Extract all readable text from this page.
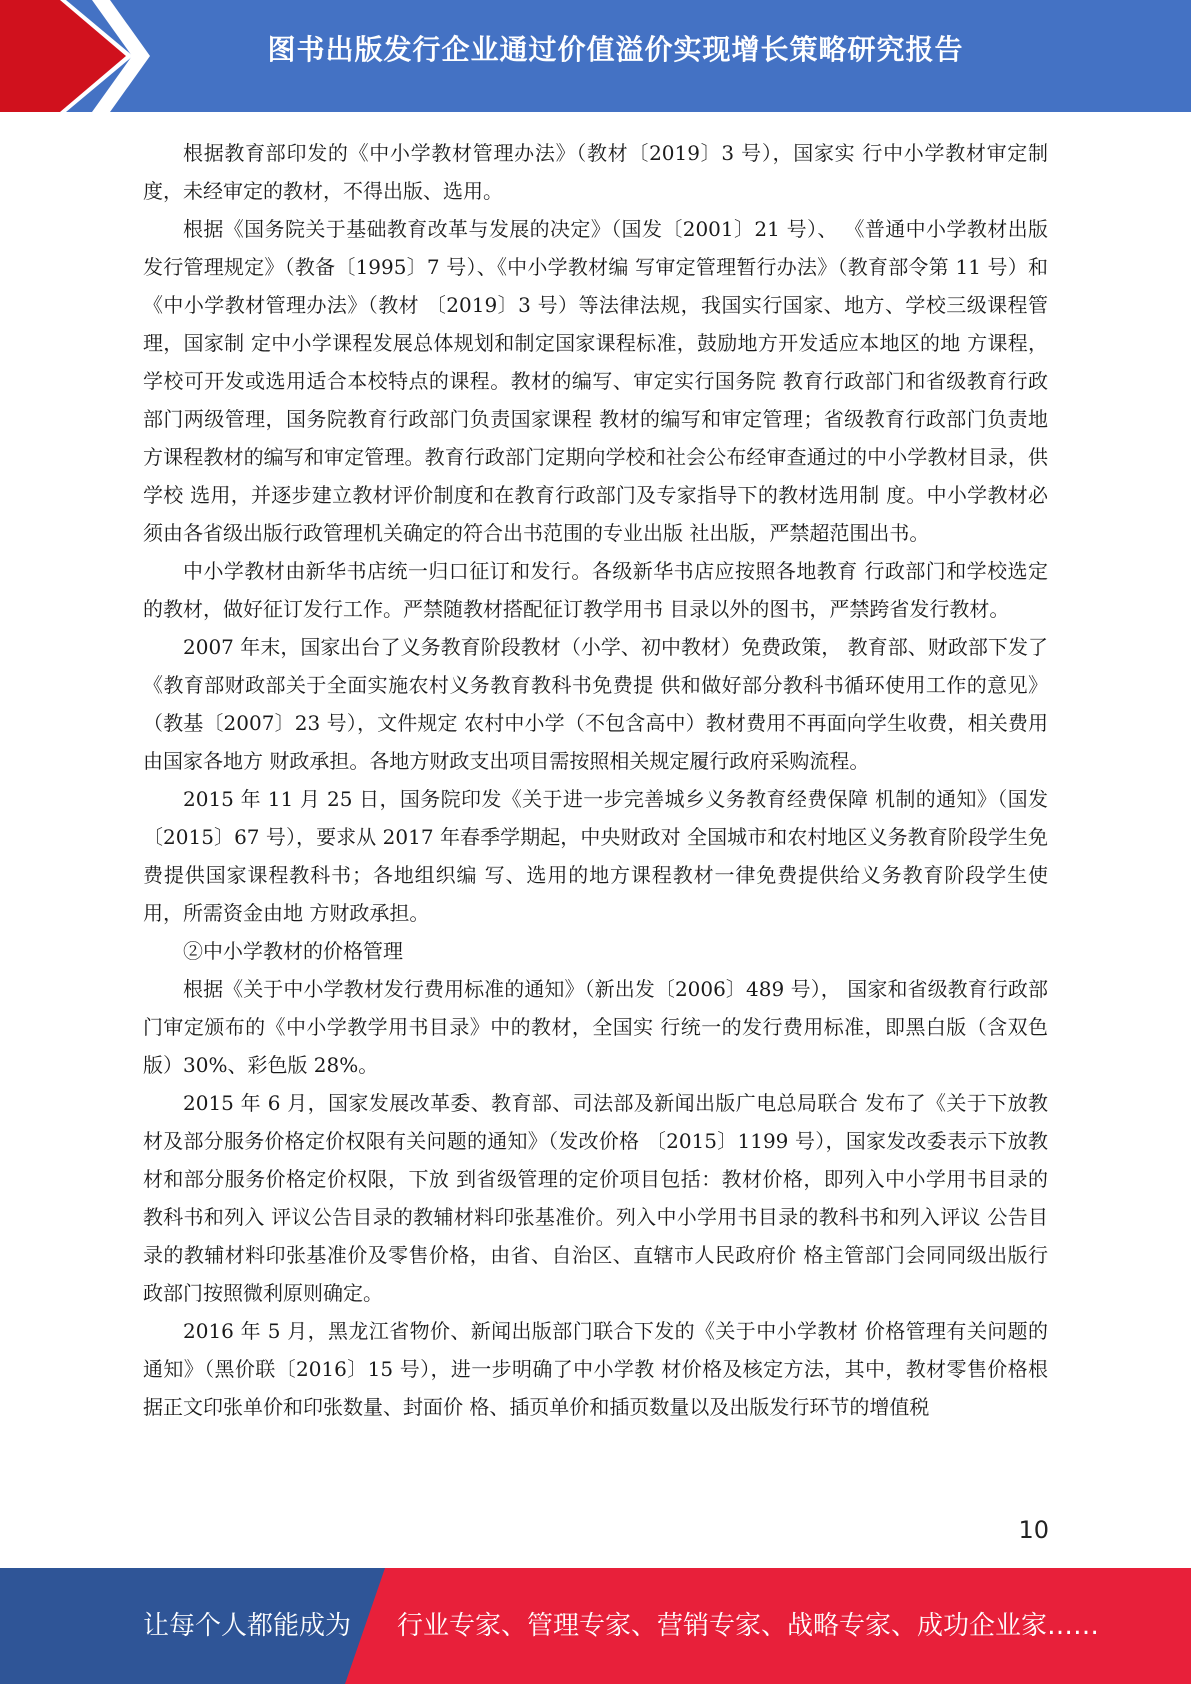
图书出版发行企业通过价值溢价实现增长策略研究报告

根据教育部印发的《中小学教材管理办法》（教材〔2019〕3 号），国家实 行中小学教材审定制度，未经审定的教材，不得出版、选用。

根据《国务院关于基础教育改革与发展的决定》（国发〔2001〕21 号）、 《普通中小学教材出版发行管理规定》（教备〔1995〕7 号）、《中小学教材编 写审定管理暂行办法》（教育部令第 11 号）和《中小学教材管理办法》（教材 〔2019〕3 号）等法律法规，我国实行国家、地方、学校三级课程管理，国家制 定中小学课程发展总体规划和制定国家课程标准，鼓励地方开发适应本地区的地 方课程，学校可开发或选用适合本校特点的课程。教材的编写、审定实行国务院 教育行政部门和省级教育行政部门两级管理，国务院教育行政部门负责国家课程 教材的编写和审定管理；省级教育行政部门负责地方课程教材的编写和审定管理。教育行政部门定期向学校和社会公布经审查通过的中小学教材目录，供学校 选用，并逐步建立教材评价制度和在教育行政部门及专家指导下的教材选用制 度。中小学教材必须由各省级出版行政管理机关确定的符合出书范围的专业出版 社出版，严禁超范围出书。

中小学教材由新华书店统一归口征订和发行。各级新华书店应按照各地教育 行政部门和学校选定的教材，做好征订发行工作。严禁随教材搭配征订教学用书 目录以外的图书，严禁跨省发行教材。

2007 年末，国家出台了义务教育阶段教材（小学、初中教材）免费政策， 教育部、财政部下发了《教育部财政部关于全面实施农村义务教育教科书免费提 供和做好部分教科书循环使用工作的意见》（教基〔2007〕23 号），文件规定 农村中小学（不包含高中）教材费用不再面向学生收费，相关费用由国家各地方 财政承担。各地方财政支出项目需按照相关规定履行政府采购流程。

2015 年 11 月 25 日，国务院印发《关于进一步完善城乡义务教育经费保障 机制的通知》（国发〔2015〕67 号），要求从 2017 年春季学期起，中央财政对 全国城市和农村地区义务教育阶段学生免费提供国家课程教科书；各地组织编 写、选用的地方课程教材一律免费提供给义务教育阶段学生使用，所需资金由地 方财政承担。

②中小学教材的价格管理

根据《关于中小学教材发行费用标准的通知》（新出发〔2006〕489 号）， 国家和省级教育行政部门审定颁布的《中小学教学用书目录》中的教材，全国实 行统一的发行费用标准，即黑白版（含双色版）30%、彩色版 28%。

2015 年 6 月，国家发展改革委、教育部、司法部及新闻出版广电总局联合 发布了《关于下放教材及部分服务价格定价权限有关问题的通知》（发改价格 〔2015〕1199 号），国家发改委表示下放教材和部分服务价格定价权限，下放 到省级管理的定价项目包括：教材价格，即列入中小学用书目录的教科书和列入 评议公告目录的教辅材料印张基准价。列入中小学用书目录的教科书和列入评议 公告目录的教辅材料印张基准价及零售价格，由省、自治区、直辖市人民政府价 格主管部门会同同级出版行政部门按照微利原则确定。

2016 年 5 月，黑龙江省物价、新闻出版部门联合下发的《关于中小学教材 价格管理有关问题的通知》（黑价联〔2016〕15 号），进一步明确了中小学教 材价格及核定方法，其中，教材零售价格根据正文印张单价和印张数量、封面价 格、插页单价和插页数量以及出版发行环节的增值税

10
让每个人都能成为 行业专家、管理专家、营销专家、战略专家、成功企业家……
